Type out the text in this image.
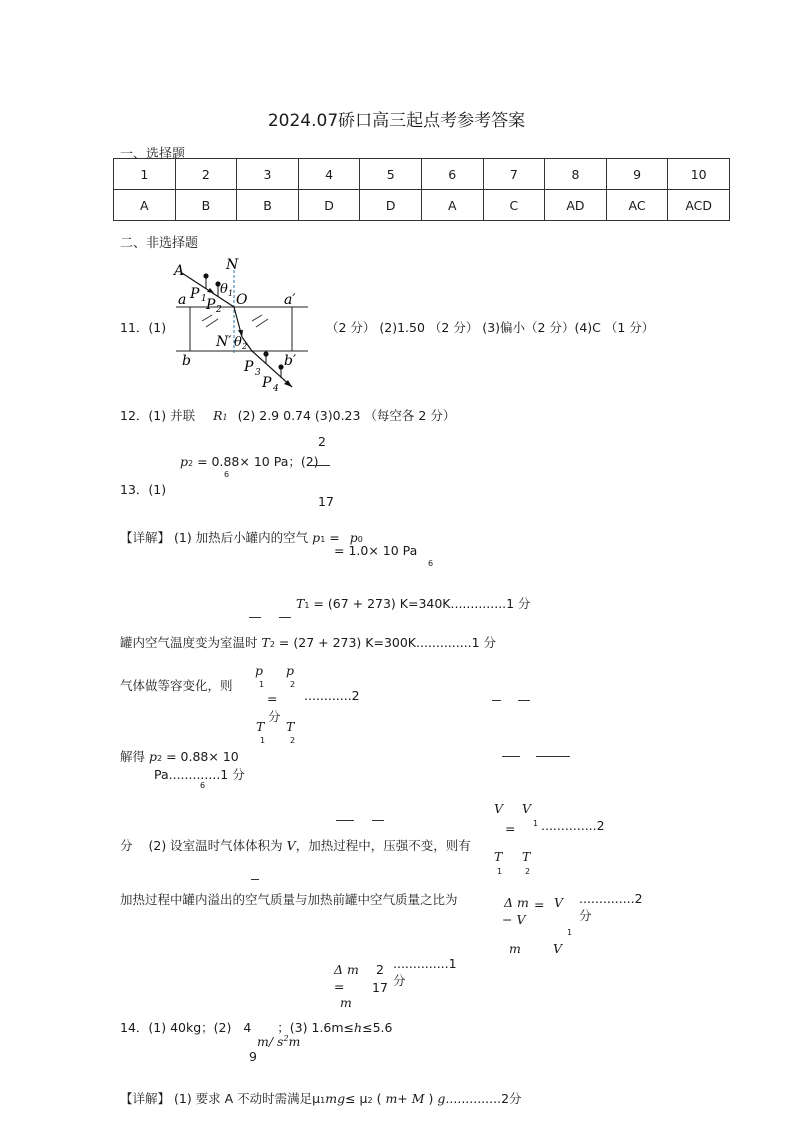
2024.07硚口高三起点考参考答案
一、选择题
1	2	3	4	5	6	7	8	9	10
A	B	B	D	D	A	C	AD	AC	ACD
二、非选择题
A	N
P 1
θ 1
P 2
O
a	a′
N′ θ 2
b	b′
P 3
P 4
11．(1)	（2 分） (2)1.50 （2 分） (3)偏小（2 分）(4)C （1 分）
12．(1) 并联 R1 (2) 2.9 0.74 (3)0.23 （每空各 2 分）
p2 = 0.88× 10 Pa；(2)
6
2
17
13．(1)
【详解】 (1) 加热后小罐内的空气 p1 = p0
= 1.0× 10 Pa
6
T1 = (67 + 273) K=340K..............1 分
罐内空气温度变为室温时 T2 = (27 + 273) K=300K..............1 分
气体做等容变化，则
p
1
p
2
= ............2
分
T
1
T
2
解得 p2 = 0.88× 10
Pa.............1 分
6
V V
1
= ..............2
T
1
T
2
分 (2) 设室温时气体体积为 V，加热过程中，压强不变，则有
加热过程中罐内溢出的空气质量与加热前罐中空气质量之比为	Δ m = V
− V
..............2
分
1
m	V
..............1
Δ m 2
分
= 17
m
14．(1) 40kg；(2) 4 ；(3) 1.6m≤h≤5.6
m/ $s^2m$
9
【详解】 (1) 要求 A 不动时需满足μ1mg≤ μ2 ( m+ M ) g..............2分
